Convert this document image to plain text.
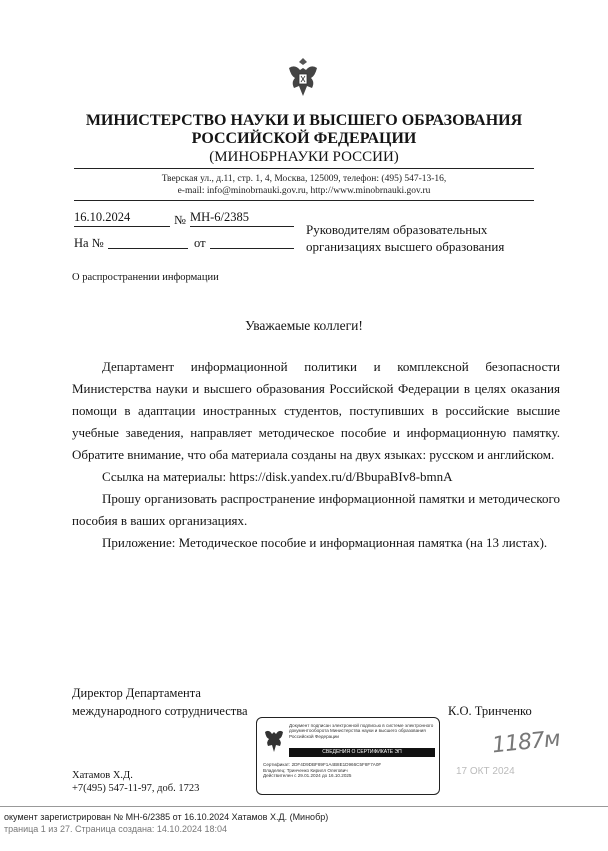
МИНИСТЕРСТВО НАУКИ И ВЫСШЕГО ОБРАЗОВАНИЯ
РОССИЙСКОЙ ФЕДЕРАЦИИ
(МИНОБРНАУКИ РОССИИ)
Тверская ул., д.11, стр. 1, 4, Москва, 125009, телефон: (495) 547-13-16,
e-mail: info@minobrnauki.gov.ru, http://www.minobrnauki.gov.ru
16.10.2024	№ МН-6/2385
На №	от
Руководителям образовательных
организациях высшего образования
О распространении информации
Уважаемые коллеги!

Департамент информационной политики и комплексной безопасности Министерства науки и высшего образования Российской Федерации в целях оказания помощи в адаптации иностранных студентов, поступивших в российские высшие учебные заведения, направляет методическое пособие и информационную памятку. Обратите внимание, что оба материала созданы на двух языках: русском и английском.

Ссылка на материалы: https://disk.yandex.ru/d/BbupaBIv8-bmnA

Прошу организовать распространение информационной памятки и методического пособия в ваших организациях.

Приложение: Методическое пособие и информационная памятка (на 13 листах).

Директор Департамента
международного сотрудничества	К.О. Тринченко
Документ подписан электронной подписью в системе электронного документооборота Министерства науки и высшего образования Российской Федерации
СВЕДЕНИЯ О СЕРТИФИКАТЕ ЭП
Сертификат: 2DF4D9DBF89F1A4B8E1D966C5F8F7A0F
Владелец: Тринченко Кирилл Олегович
Действителен с 29.01.2024 до 16.10.2025
1187м
17 ОКТ 2024
Хатамов Х.Д.
+7(495) 547-11-97, доб. 1723
окумент зарегистрирован № МН-6/2385 от 16.10.2024 Хатамов Х.Д. (Минобр)
траница 1 из 27. Страница создана: 14.10.2024 18:04
